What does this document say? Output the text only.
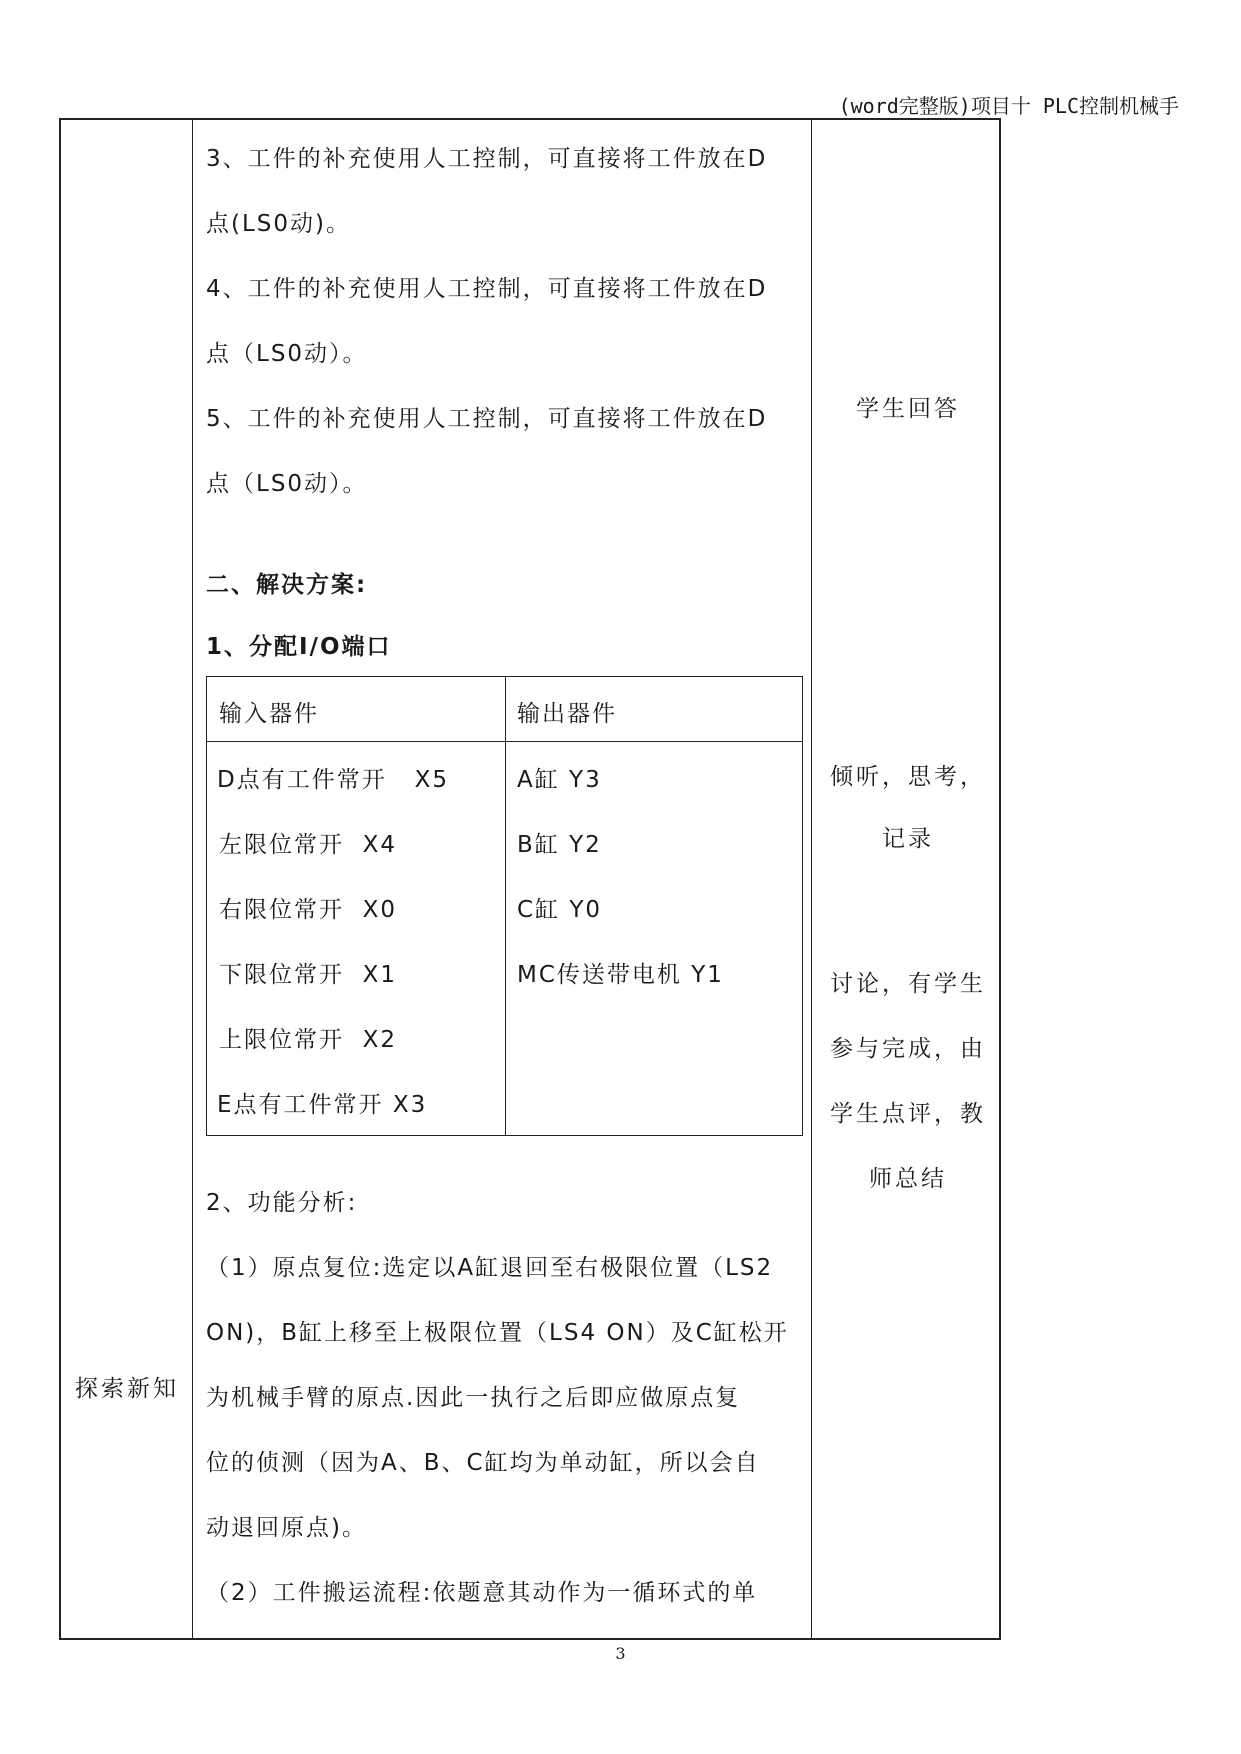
(word完整版)项目十 PLC控制机械手
探索新知
3、工件的补充使用人工控制，可直接将工件放在D
点(LS0动)。
4、工件的补充使用人工控制，可直接将工件放在D
点（LS0动）。
5、工件的补充使用人工控制，可直接将工件放在D
点（LS0动）。
二、解决方案:
1、分配I/O端口
输入器件	输出器件
D点有工件常开   X5
左限位常开  X4
右限位常开  X0
下限位常开  X1
上限位常开  X2
E点有工件常开 X3
A缸 Y3
B缸 Y2
C缸 Y0
MC传送带电机 Y1
2、功能分析:
（1）原点复位:选定以A缸退回至右极限位置（LS2
ON)，B缸上移至上极限位置（LS4 ON）及C缸松开
为机械手臂的原点.因此一执行之后即应做原点复
位的侦测（因为A、B、C缸均为单动缸，所以会自
动退回原点)。
（2）工件搬运流程:依题意其动作为一循环式的单
学生回答
倾听，思考，
记录
讨论，有学生
参与完成，由
学生点评，教
师总结
3
